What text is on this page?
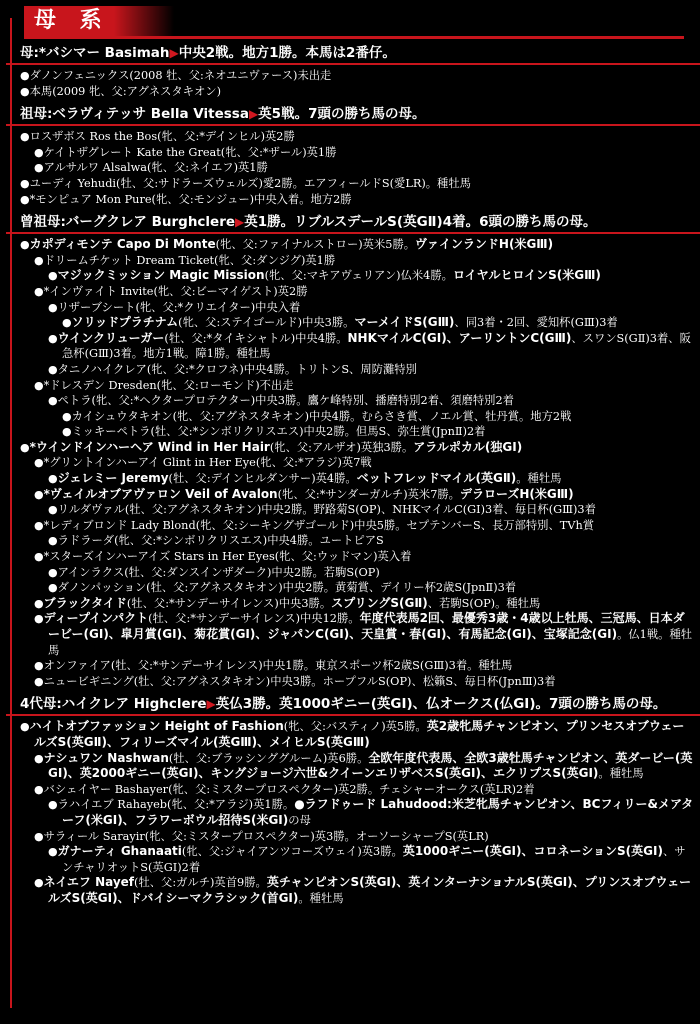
母 系
母:*バシマー Basimah▶中央2戦。地方1勝。本馬は2番仔。
●ダノンフェニックス(2008 牡、父:ネオユニヴァース)未出走
●本馬(2009 牝、父:アグネスタキオン)
祖母:ベラヴィテッサ Bella Vitessa▶英5戦。7頭の勝ち馬の母。
●ロスザボス Ros the Bos(牝、父:*デインヒル)英2勝
●ケイトザグレート Kate the Great(牝、父:*ザール)英1勝
●アルサルワ Alsalwa(牝、父:ネイエフ)英1勝
●ユーディ Yehudi(牡、父:サドラーズウェルズ)愛2勝。エアフィールドS(愛LR)。種牡馬
●*モンピュア Mon Pure(牝、父:モンジュー)中央入着。地方2勝
曾祖母:バーグクレア Burghclere▶英1勝。リブルスデールS(英GⅡ)4着。6頭の勝ち馬の母。
●カポディモンテ Capo Di Monte(牝、父:ファイナルストロー)英米5勝。ヴァインランドH(米GⅢ)
●ドリームチケット Dream Ticket(牝、父:ダンジグ)英1勝
●マジックミッション Magic Mission(牝、父:マキアヴェリアン)仏米4勝。ロイヤルヒロインS(米GⅢ)
●*インヴァイト Invite(牝、父:ビーマイゲスト)英2勝
●リザーブシート(牝、父:*クリエイター)中央入着
●ソリッドプラチナム(牝、父:ステイゴールド)中央3勝。マーメイドS(GⅢ)、同3着・2回、愛知杯(GⅢ)3着
●ウインクリューガー(牡、父:*タイキシャトル)中央4勝。NHKマイルC(GⅠ)、アーリントンC(GⅢ)、スワンS(GⅡ)3着、阪急杯(GⅢ)3着。地方1戦。障1勝。種牡馬
●タニノハイクレア(牝、父:*クロフネ)中央4勝。トリトンS、周防灘特別
●*ドレスデン Dresden(牝、父:ローモンド)不出走
●ペトラ(牝、父:*ヘクタープロテクター)中央3勝。鷹ケ峰特別、播磨特別2着、須磨特別2着
●カイシュウタキオン(牝、父:アグネスタキオン)中央4勝。むらさき賞、ノエル賞、牡丹賞。地方2戦
●ミッキーペトラ(牡、父:*シンボリクリスエス)中央2勝。但馬S、弥生賞(JpnⅡ)2着
●*ウインドインハーヘア Wind in Her Hair(牝、父:アルザオ)英独3勝。アラルポカル(独GⅠ)
●*グリントインハーアイ Glint in Her Eye(牝、父:*アラジ)英7戦
●ジェレミー Jeremy(牡、父:デインヒルダンサー)英4勝。ベットフレッドマイル(英GⅡ)。種牡馬
●*ヴェイルオブアヴァロン Veil of Avalon(牝、父:*サンダーガルチ)英米7勝。デラローズH(米GⅢ)
●リルダヴァル(牡、父:アグネスタキオン)中央2勝。野路菊S(OP)、NHKマイルC(GⅠ)3着、毎日杯(GⅢ)3着
●*レディブロンド Lady Blond(牝、父:シーキングザゴールド)中央5勝。セプテンバーS、長万部特別、TVh賞
●ラドラーダ(牝、父:*シンボリクリスエス)中央4勝。ユートピアS
●*スターズインハーアイズ Stars in Her Eyes(牝、父:ウッドマン)英入着
●アインラクス(牡、父:ダンスインザダーク)中央2勝。若駒S(OP)
●ダノンパッション(牡、父:アグネスタキオン)中央2勝。黄菊賞、デイリー杯2歳S(JpnⅡ)3着
●ブラックタイド(牡、父:*サンデーサイレンス)中央3勝。スプリングS(GⅡ)、若駒S(OP)。種牡馬
●ディープインパクト(牡、父:*サンデーサイレンス)中央12勝。年度代表馬2回、最優秀3歳・4歳以上牡馬、三冠馬、日本ダービー(GⅠ)、皐月賞(GⅠ)、菊花賞(GⅠ)、ジャパンC(GⅠ)、天皇賞・春(GⅠ)、有馬記念(GⅠ)、宝塚記念(GⅠ)。仏1戦。種牡馬
●オンファイア(牡、父:*サンデーサイレンス)中央1勝。東京スポーツ杯2歳S(GⅢ)3着。種牡馬
●ニュービギニング(牡、父:アグネスタキオン)中央3勝。ホープフルS(OP)、松籟S、毎日杯(JpnⅢ)3着
4代母:ハイクレア Highclere▶英仏3勝。英1000ギニー(英GⅠ)、仏オークス(仏GⅠ)。7頭の勝ち馬の母。
●ハイトオブファッション Height of Fashion(牝、父:バスティノ)英5勝。英2歳牝馬チャンピオン、プリンセスオブウェールズS(英GⅡ)、フィリーズマイル(英GⅢ)、メイヒルS(英GⅢ)
●ナシュワン Nashwan(牡、父:ブラッシンググルーム)英6勝。全欧年度代表馬、全欧3歳牡馬チャンピオン、英ダービー(英GⅠ)、英2000ギニー(英GⅠ)、キングジョージ六世&クイーンエリザベスS(英GⅠ)、エクリプスS(英GⅠ)。種牡馬
●バシェイヤー Bashayer(牝、父:ミスタープロスペクター)英2勝。チェシャーオークス(英LR)2着
●ラハイエブ Rahayeb(牝、父:*アラジ)英1勝。●ラフドゥード Lahudood:米芝牝馬チャンピオン、BCフィリー&メアターフ(米GⅠ)、フラワーボウル招待S(米GⅠ)の母
●サラィール Sarayir(牝、父:ミスタープロスペクター)英3勝。オーソーシャープS(英LR)
●ガナーティ Ghanaati(牝、父:ジャイアンツコーズウェイ)英3勝。英1000ギニー(英GⅠ)、コロネーションS(英GⅠ)、サンチャリオットS(英GⅠ)2着
●ネイエフ Nayef(牡、父:ガルチ)英首9勝。英チャンピオンS(英GⅠ)、英インターナショナルS(英GⅠ)、プリンスオブウェールズS(英GⅠ)、ドバイシーマクラシック(首GⅠ)。種牡馬
